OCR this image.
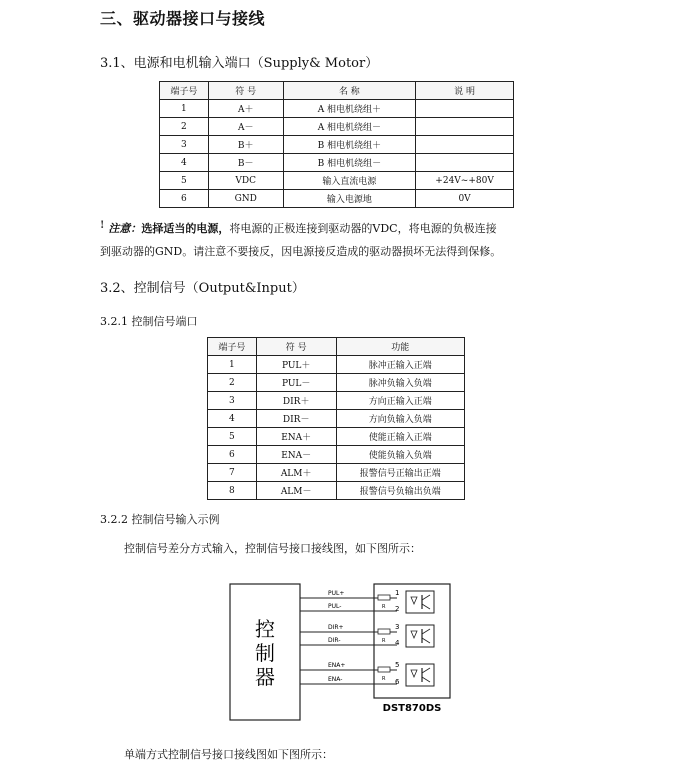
三、驱动器接口与接线
3.1、电源和电机输入端口（Supply& Motor）
端子号	符 号	名 称	说 明
1	A＋	A 相电机绕组＋	
2	A－	A 相电机绕组－	
3	B＋	B 相电机绕组＋	
4	B－	B 相电机绕组－	
5	VDC	输入直流电源	+24V~+80V
6	GND	输入电源地	0V
! 注意：选择适当的电源，将电源的正极连接到驱动器的VDC，将电源的负极连接
到驱动器的GND。请注意不要接反，因电源接反造成的驱动器损坏无法得到保修。
3.2、控制信号（Output&Input）
3.2.1 控制信号端口
端子号	符 号	功能
1	PUL＋	脉冲正输入正端
2	PUL－	脉冲负输入负端
3	DIR＋	方向正输入正端
4	DIR－	方向负输入负端
5	ENA＋	使能正输入正端
6	ENA－	使能负输入负端
7	ALM＋	报警信号正输出正端
8	ALM－	报警信号负输出负端
3.2.2 控制信号输入示例
控制信号差分方式输入，控制信号接口接线图，如下图所示：
控
制
器
DST870DS
PUL+
PUL-
1
2
R
DIR+
DIR-
3
4
R
ENA+
ENA-
5
6
R
单端方式控制信号接口接线图如下图所示：
